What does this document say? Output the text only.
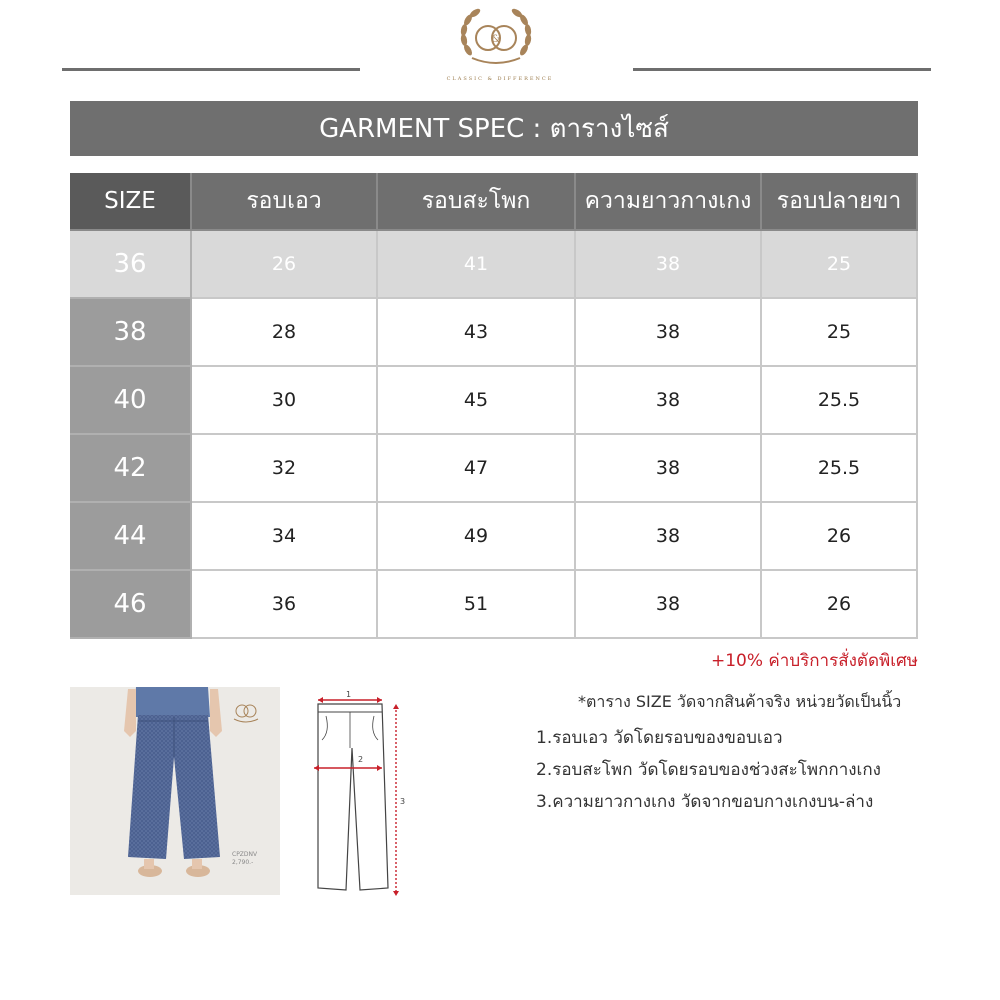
&
CLASSIC & DIFFERENCE
GARMENT SPEC : ตารางไซส์
SIZE	รอบเอว	รอบสะโพก	ความยาวกางเกง	รอบปลายขา
36	26	41	38	25
38	28	43	38	25
40	30	45	38	25.5
42	32	47	38	25.5
44	34	49	38	26
46	36	51	38	26
+10% ค่าบริการสั่งตัดพิเศษ
CPZDNV
2,790.-
1
2
3
*ตาราง SIZE วัดจากสินค้าจริง หน่วยวัดเป็นนิ้ว
1.รอบเอว วัดโดยรอบของขอบเอว
2.รอบสะโพก วัดโดยรอบของช่วงสะโพกกางเกง
3.ความยาวกางเกง วัดจากขอบกางเกงบน-ล่าง
